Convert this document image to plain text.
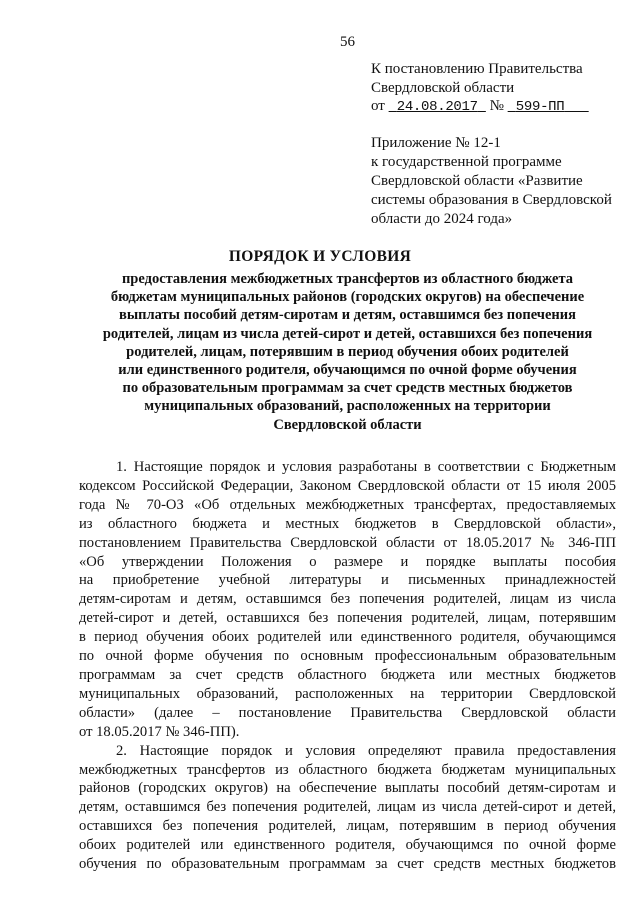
56
К постановлению Правительства
Свердловской области
от 24.08.2017 № 599-ПП
Приложение № 12-1
к государственной программе
Свердловской области «Развитие
системы образования в Свердловской
области до 2024 года»
ПОРЯДОК И УСЛОВИЯ
предоставления межбюджетных трансфертов из областного бюджета
бюджетам муниципальных районов (городских округов) на обеспечение
выплаты пособий детям-сиротам и детям, оставшимся без попечения
родителей, лицам из числа детей-сирот и детей, оставшихся без попечения
родителей, лицам, потерявшим в период обучения обоих родителей
или единственного родителя, обучающимся по очной форме обучения
по образовательным программам за счет средств местных бюджетов
муниципальных образований, расположенных на территории
Свердловской области
1. Настоящие порядок и условия разработаны в соответствии с Бюджетным
кодексом Российской Федерации, Законом Свердловской области от 15 июля 2005
года № 70-ОЗ «Об отдельных межбюджетных трансфертах, предоставляемых
из областного бюджета и местных бюджетов в Свердловской области»,
постановлением Правительства Свердловской области от 18.05.2017 № 346-ПП
«Об утверждении Положения о размере и порядке выплаты пособия
на приобретение учебной литературы и письменных принадлежностей
детям-сиротам и детям, оставшимся без попечения родителей, лицам из числа
детей-сирот и детей, оставшихся без попечения родителей, лицам, потерявшим
в период обучения обоих родителей или единственного родителя, обучающимся
по очной форме обучения по основным профессиональным образовательным
программам за счет средств областного бюджета или местных бюджетов
муниципальных образований, расположенных на территории Свердловской
области» (далее – постановление Правительства Свердловской области
от 18.05.2017 № 346-ПП).
2. Настоящие порядок и условия определяют правила предоставления
межбюджетных трансфертов из областного бюджета бюджетам муниципальных
районов (городских округов) на обеспечение выплаты пособий детям-сиротам и
детям, оставшимся без попечения родителей, лицам из числа детей-сирот и детей,
оставшихся без попечения родителей, лицам, потерявшим в период обучения
обоих родителей или единственного родителя, обучающимся по очной форме
обучения по образовательным программам за счет средств местных бюджетов
